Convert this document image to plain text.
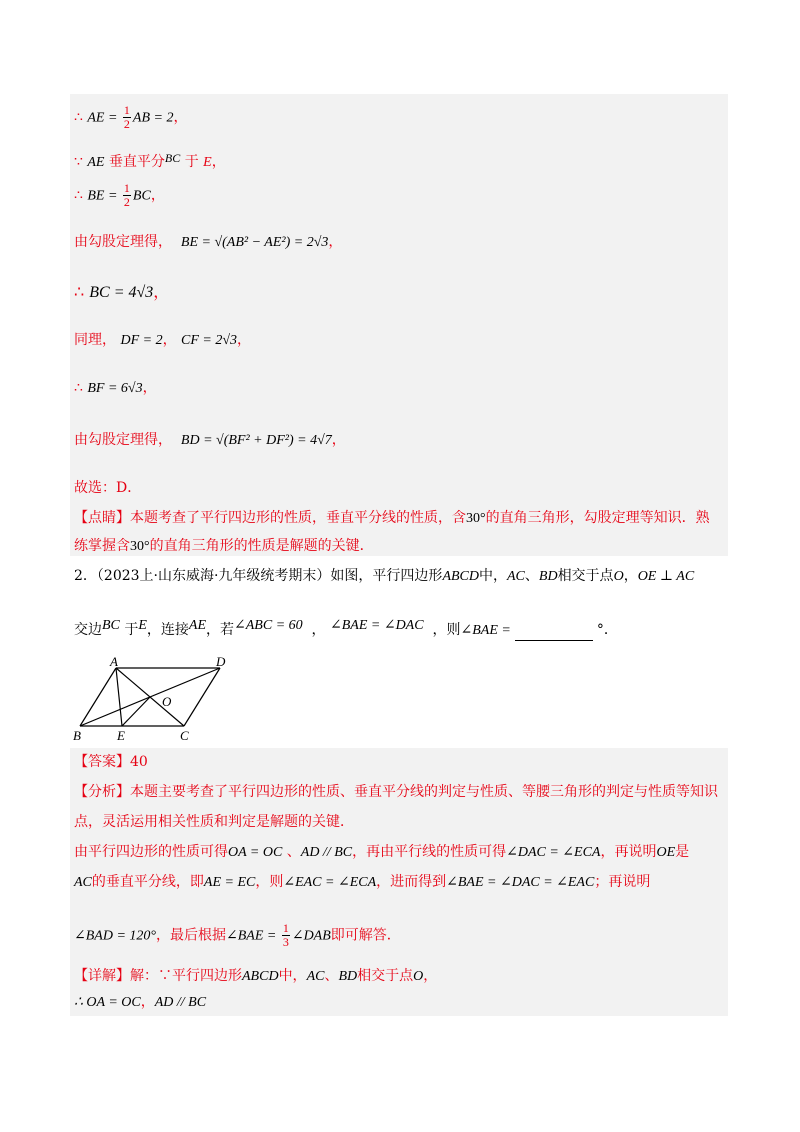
∴ AE = $\frac{1}{2}$ AB = 2，
∵ AE 垂直平分BC 于 E，
∴ BE = $\frac{1}{2}$ BC，
由勾股定理得， BE = √(AB² − AE²) = 2√3，
∴ BC = 4√3，
同理， DF = 2， CF = 2√3，
∴ BF = 6√3，
由勾股定理得， BD = √(BF² + DF²) = 4√7，
故选：D．
【点睛】本题考查了平行四边形的性质，垂直平分线的性质，含30°的直角三角形，勾股定理等知识．熟
练掌握含30°的直角三角形的性质是解题的关键．
2．（2023上·山东威海·九年级统考期末）如图，平行四边形ABCD中，AC、BD相交于点O，OE ⊥ AC
交边BC 于E，连接AE，若∠ABC = 60 ， ∠BAE = ∠DAC ，则∠BAE =	°．
A	D
B	E	C
O
【答案】40
【分析】本题主要考查了平行四边形的性质、垂直平分线的判定与性质、等腰三角形的判定与性质等知识
点，灵活运用相关性质和判定是解题的关键．
由平行四边形的性质可得OA = OC 、AD // BC，再由平行线的性质可得∠DAC = ∠ECA，再说明OE是
AC的垂直平分线，即AE = EC，则∠EAC = ∠ECA，进而得到∠BAE = ∠DAC = ∠EAC；再说明
∠BAD = 120°，最后根据∠BAE = $\frac{1}{3}$ ∠DAB即可解答．
【详解】解：∵平行四边形ABCD中，AC、BD相交于点O，
∴ OA = OC，AD // BC
